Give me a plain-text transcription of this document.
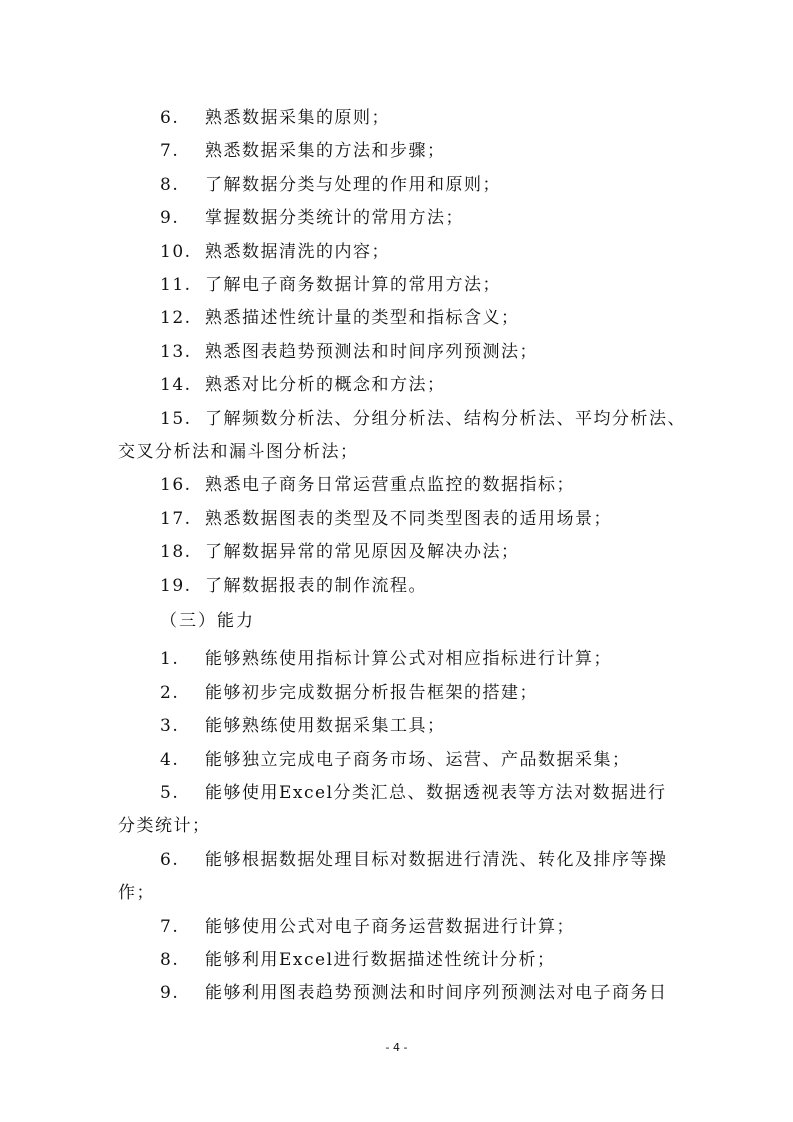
6. 熟悉数据采集的原则；
7. 熟悉数据采集的方法和步骤；
8. 了解数据分类与处理的作用和原则；
9. 掌握数据分类统计的常用方法；
10. 熟悉数据清洗的内容；
11. 了解电子商务数据计算的常用方法；
12. 熟悉描述性统计量的类型和指标含义；
13. 熟悉图表趋势预测法和时间序列预测法；
14. 熟悉对比分析的概念和方法；
15. 了解频数分析法、分组分析法、结构分析法、平均分析法、
交叉分析法和漏斗图分析法；
16. 熟悉电子商务日常运营重点监控的数据指标；
17. 熟悉数据图表的类型及不同类型图表的适用场景；
18. 了解数据异常的常见原因及解决办法；
19. 了解数据报表的制作流程。
1. 能够熟练使用指标计算公式对相应指标进行计算；
2. 能够初步完成数据分析报告框架的搭建；
3. 能够熟练使用数据采集工具；
4. 能够独立完成电子商务市场、运营、产品数据采集；
5. 能够使用Excel分类汇总、数据透视表等方法对数据进行
分类统计；
6. 能够根据数据处理目标对数据进行清洗、转化及排序等操
作；
7. 能够使用公式对电子商务运营数据进行计算；
8. 能够利用Excel进行数据描述性统计分析；
9. 能够利用图表趋势预测法和时间序列预测法对电子商务日
（三）能力
- 4 -
